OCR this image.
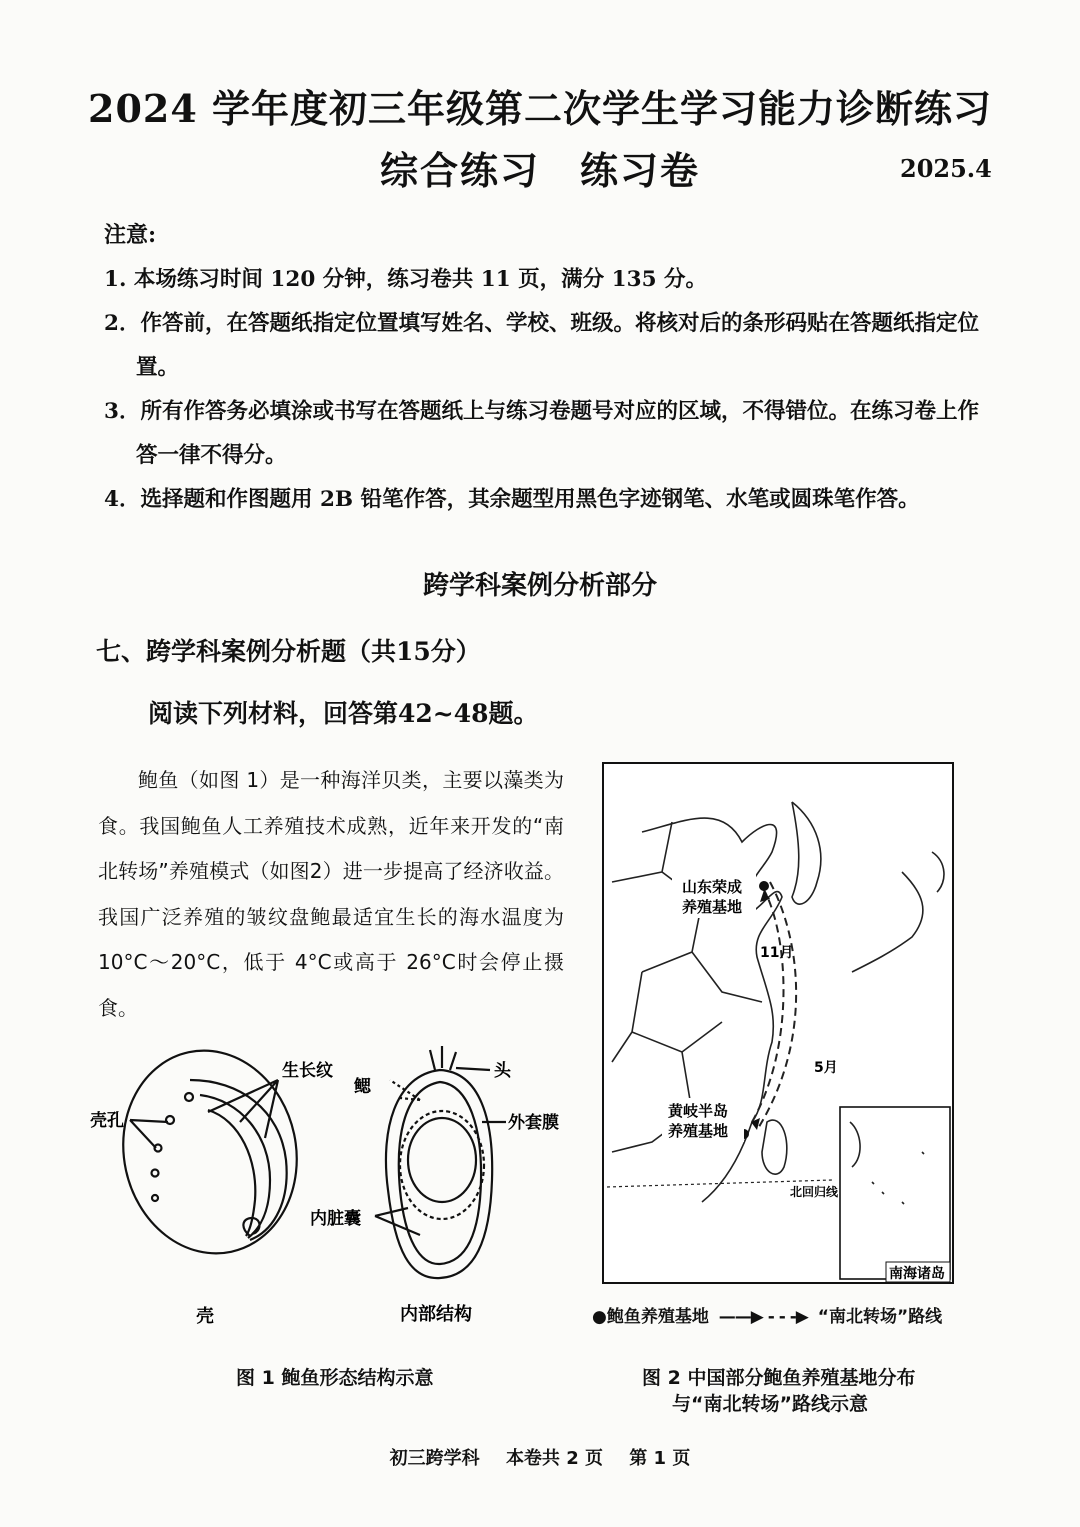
2024 学年度初三年级第二次学生学习能力诊断练习
综合练习　练习卷	2025.4
注意:
1. 本场练习时间 120 分钟，练习卷共 11 页，满分 135 分。
2．作答前，在答题纸指定位置填写姓名、学校、班级。将核对后的条形码贴在答题纸指定位
置。
3．所有作答务必填涂或书写在答题纸上与练习卷题号对应的区域，不得错位。在练习卷上作
答一律不得分。
4．选择题和作图题用 2B 铅笔作答，其余题型用黑色字迹钢笔、水笔或圆珠笔作答。
跨学科案例分析部分
七、跨学科案例分析题（共15分）
阅读下列材料，回答第42~48题。
鲍鱼（如图 1）是一种海洋贝类，主要以藻类为食。我国鲍鱼人工养殖技术成熟，近年来开发的“南北转场”养殖模式（如图2）进一步提高了经济收益。我国广泛养殖的皱纹盘鲍最适宜生长的海水温度为 10°C～20°C，低于 4°C或高于 26°C时会停止摄食。
生长纹
壳孔
鳃
头
外套膜
内脏囊
壳	内部结构
图 1 鲍鱼形态结构示意
山东荣成
养殖基地
黄岐半岛
养殖基地
11月
5月
北回归线
南海诸岛
●鲍鱼养殖基地 ——▶ - - -▶ “南北转场”路线
图 2 中国部分鲍鱼养殖基地分布
与“南北转场”路线示意
初三跨学科 本卷共 2 页 第 1 页
